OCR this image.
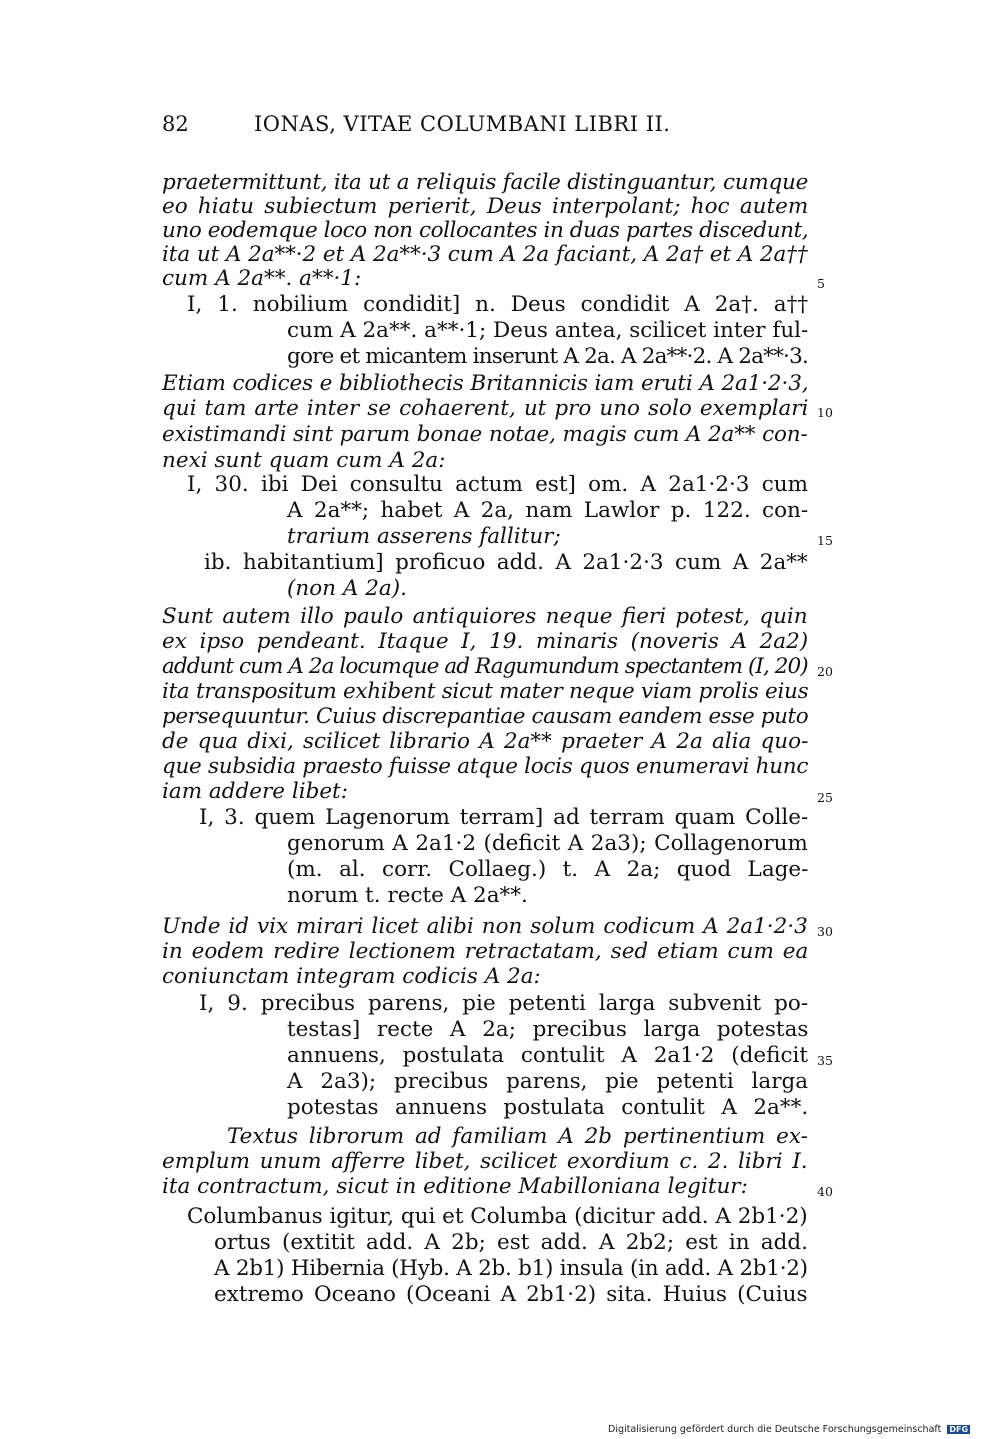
82	IONAS, VITAE COLUMBANI LIBRI II.
praetermittunt, ita ut a reliquis facile distinguantur, cumque
eo hiatu subiectum perierit, Deus interpolant; hoc autem
uno eodemque loco non collocantes in duas partes discedunt,
ita ut A 2a**·2 et A 2a**·3 cum A 2a faciant, A 2a† et A 2a††
cum A 2a**. a**·1:
I, 1. nobilium condidit] n. Deus condidit A 2a†. a††
cum A 2a**. a**·1; Deus antea, scilicet inter ful-
gore et micantem inserunt A 2a. A 2a**·2. A 2a**·3.
Etiam codices e bibliothecis Britannicis iam eruti A 2a1·2·3,
qui tam arte inter se cohaerent, ut pro uno solo exemplari
existimandi sint parum bonae notae, magis cum A 2a** con-
nexi sunt quam cum A 2a:
I, 30. ibi Dei consultu actum est] om. A 2a1·2·3 cum
A 2a**; habet A 2a, nam Lawlor p. 122. con-
trarium asserens fallitur;
ib. habitantium] proficuo add. A 2a1·2·3 cum A 2a**
(non A 2a).
Sunt autem illo paulo antiquiores neque fieri potest, quin
ex ipso pendeant. Itaque I, 19. minaris (noveris A 2a2)
addunt cum A 2a locumque ad Ragumundum spectantem (I, 20)
ita transpositum exhibent sicut mater neque viam prolis eius
persequuntur. Cuius discrepantiae causam eandem esse puto
de qua dixi, scilicet librario A 2a** praeter A 2a alia quo-
que subsidia praesto fuisse atque locis quos enumeravi hunc
iam addere libet:
I, 3. quem Lagenorum terram] ad terram quam Colle-
genorum A 2a1·2 (deficit A 2a3); Collagenorum
(m. al. corr. Collaeg.) t. A 2a; quod Lage-
norum t. recte A 2a**.
Unde id vix mirari licet alibi non solum codicum A 2a1·2·3
in eodem redire lectionem retractatam, sed etiam cum ea
coniunctam integram codicis A 2a:
I, 9. precibus parens, pie petenti larga subvenit po-
testas] recte A 2a; precibus larga potestas
annuens, postulata contulit A 2a1·2 (deficit
A 2a3); precibus parens, pie petenti larga
potestas annuens postulata contulit A 2a**.
Textus librorum ad familiam A 2b pertinentium ex-
emplum unum afferre libet, scilicet exordium c. 2. libri I.
ita contractum, sicut in editione Mabilloniana legitur:
Columbanus igitur, qui et Columba (dicitur add. A 2b1·2)
ortus (extitit add. A 2b; est add. A 2b2; est in add.
A 2b1) Hibernia (Hyb. A 2b. b1) insula (in add. A 2b1·2)
extremo Oceano (Oceani A 2b1·2) sita. Huius (Cuius
5
10
15
20
25
30
35
40
Digitalisierung gefördert durch die Deutsche Forschungsgemeinschaft DFG
